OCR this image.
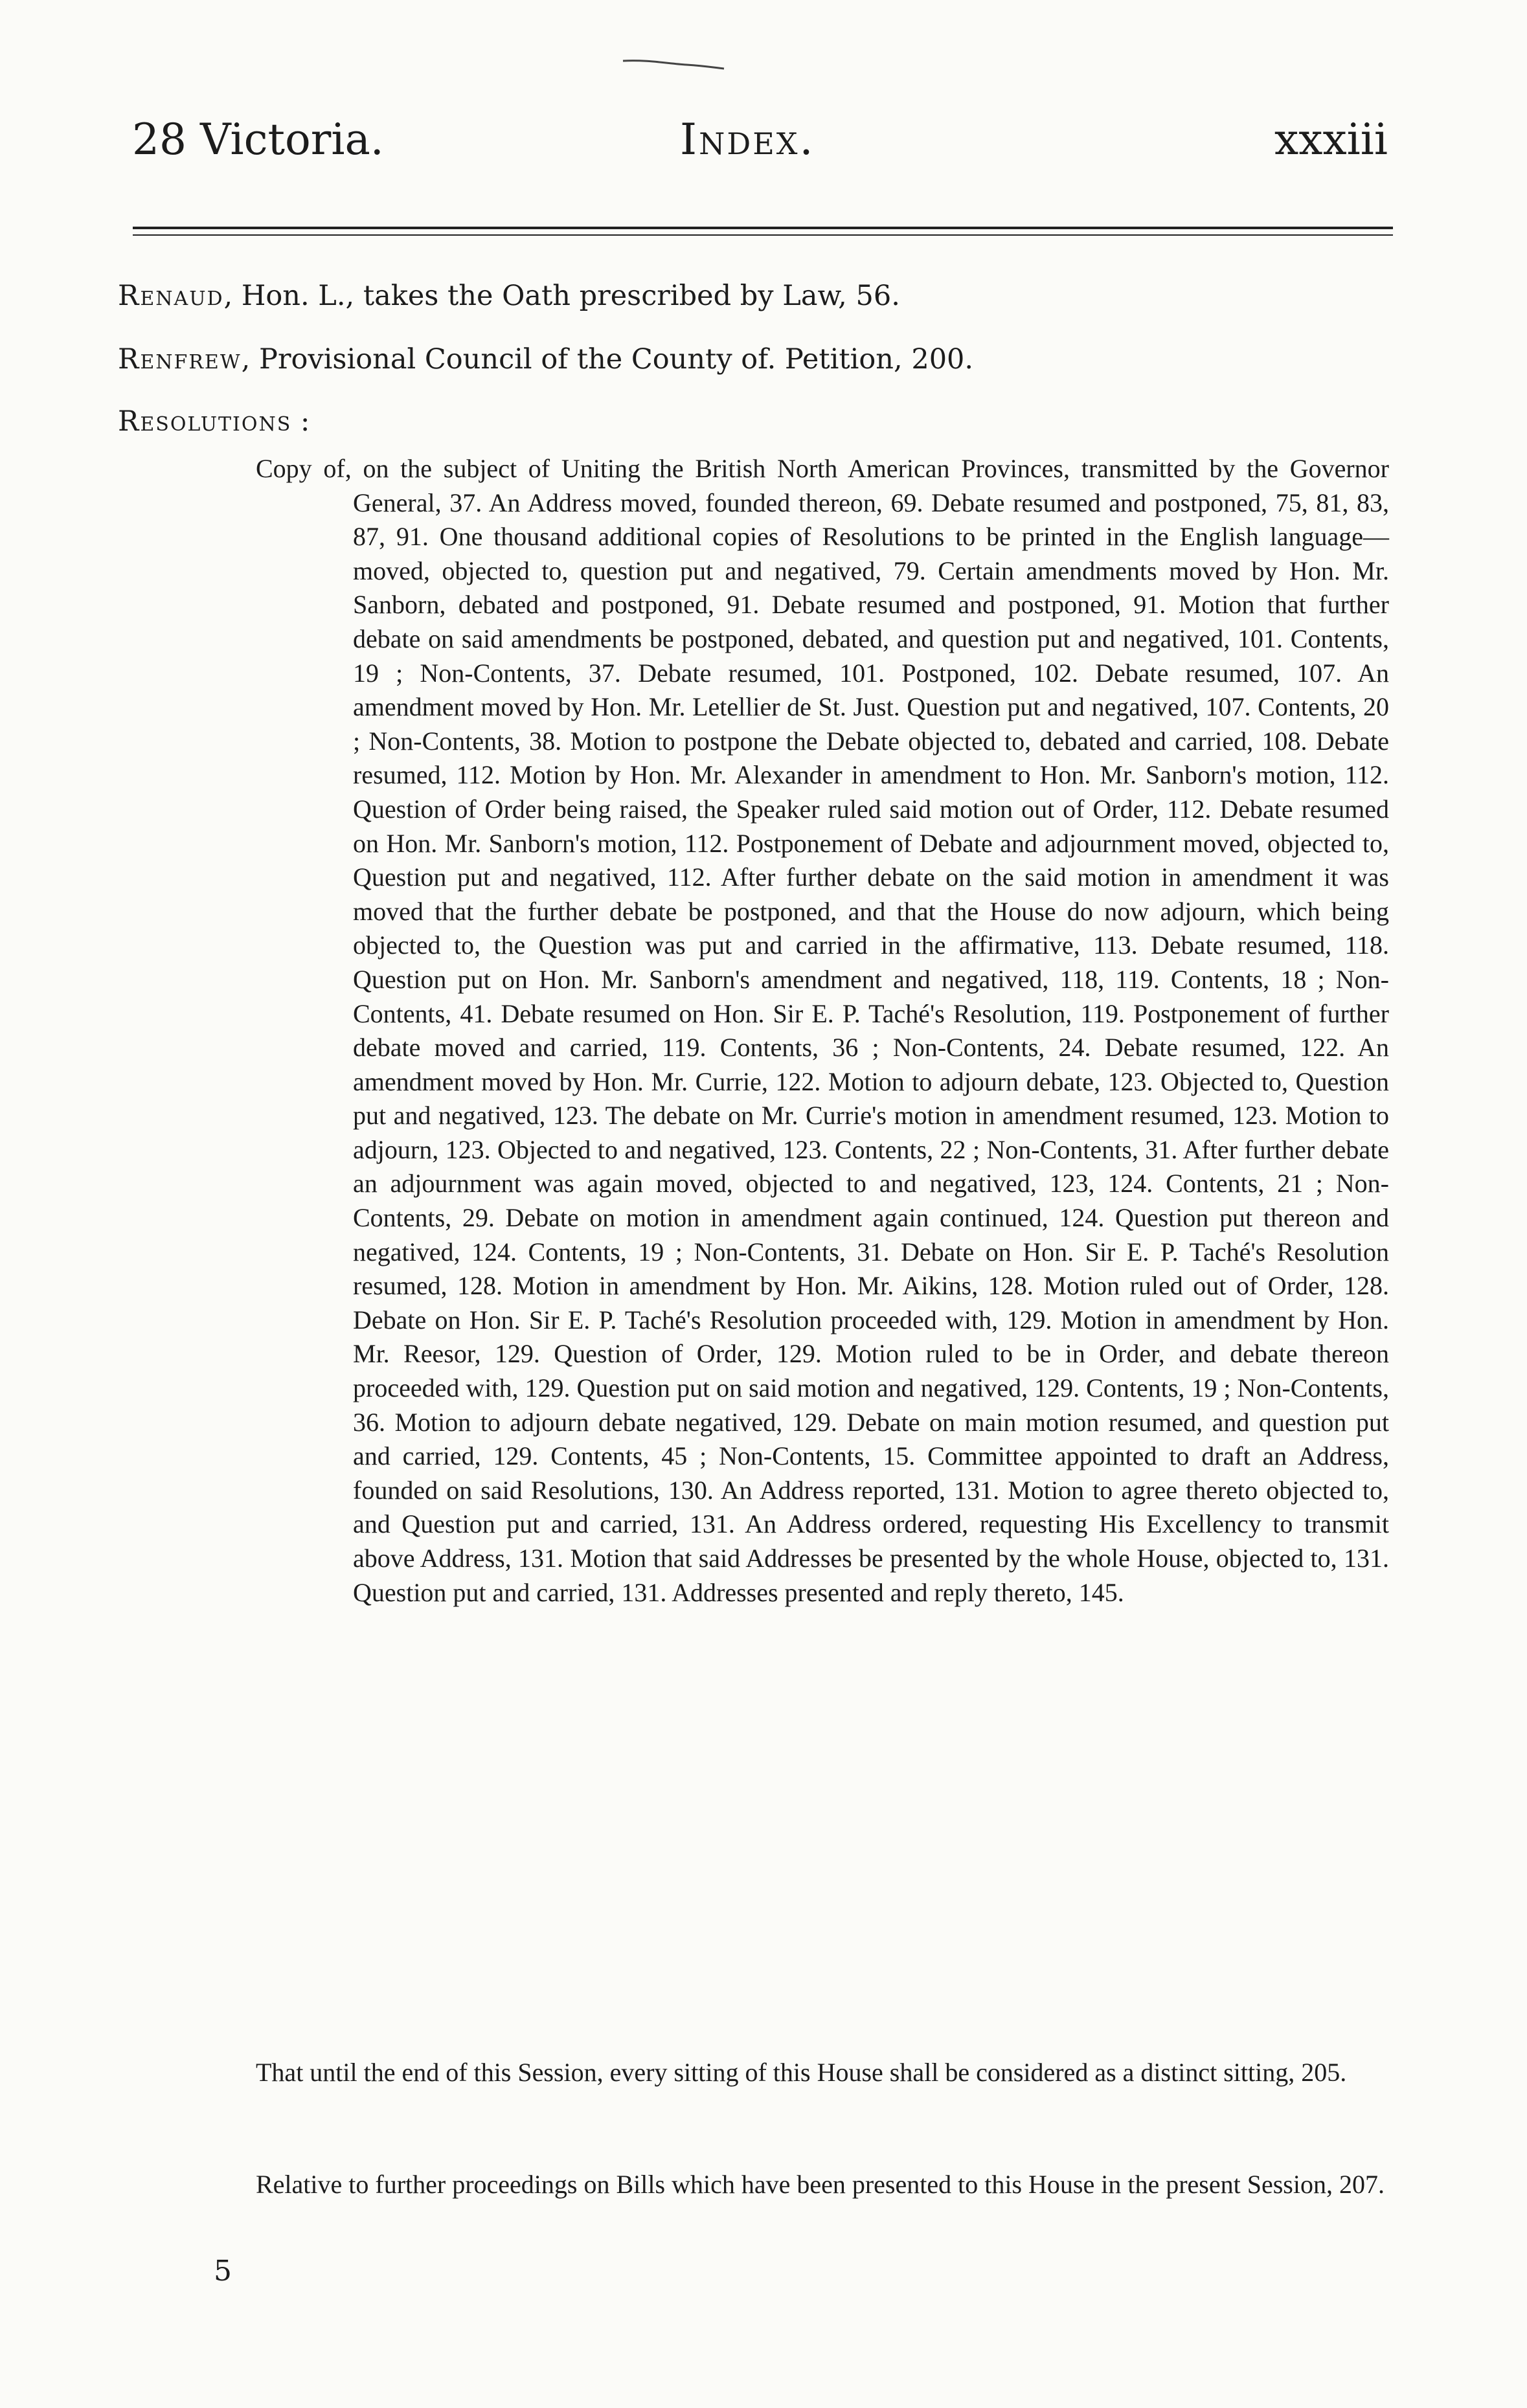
28 Victoria.	Index.	xxxiii
Renaud, Hon. L., takes the Oath prescribed by Law, 56.
Renfrew, Provisional Council of the County of. Petition, 200.
Resolutions :
Copy of, on the subject of Uniting the British North American Provinces, transmitted by the Governor General, 37. An Address moved, founded thereon, 69. Debate resumed and postponed, 75, 81, 83, 87, 91. One thousand additional copies of Resolutions to be printed in the English language—moved, objected to, question put and negatived, 79. Certain amendments moved by Hon. Mr. Sanborn, debated and postponed, 91. Debate resumed and postponed, 91. Motion that further debate on said amendments be postponed, debated, and question put and negatived, 101. Contents, 19 ; Non-Contents, 37. Debate resumed, 101. Postponed, 102. Debate resumed, 107. An amendment moved by Hon. Mr. Letellier de St. Just. Question put and negatived, 107. Contents, 20 ; Non-Contents, 38. Motion to postpone the Debate objected to, debated and carried, 108. Debate resumed, 112. Motion by Hon. Mr. Alexander in amendment to Hon. Mr. Sanborn's motion, 112. Question of Order being raised, the Speaker ruled said motion out of Order, 112. Debate resumed on Hon. Mr. Sanborn's motion, 112. Postponement of Debate and adjournment moved, objected to, Question put and negatived, 112. After further debate on the said motion in amendment it was moved that the further debate be postponed, and that the House do now adjourn, which being objected to, the Question was put and carried in the affirmative, 113. Debate resumed, 118. Question put on Hon. Mr. Sanborn's amendment and negatived, 118, 119. Contents, 18 ; Non-Contents, 41. Debate resumed on Hon. Sir E. P. Taché's Resolution, 119. Postponement of further debate moved and carried, 119. Contents, 36 ; Non-Contents, 24. Debate resumed, 122. An amendment moved by Hon. Mr. Currie, 122. Motion to adjourn debate, 123. Objected to, Question put and negatived, 123. The debate on Mr. Currie's motion in amendment resumed, 123. Motion to adjourn, 123. Objected to and negatived, 123. Contents, 22 ; Non-Contents, 31. After further debate an adjournment was again moved, objected to and negatived, 123, 124. Contents, 21 ; Non-Contents, 29. Debate on motion in amendment again continued, 124. Question put thereon and negatived, 124. Contents, 19 ; Non-Contents, 31. Debate on Hon. Sir E. P. Taché's Resolution resumed, 128. Motion in amendment by Hon. Mr. Aikins, 128. Motion ruled out of Order, 128. Debate on Hon. Sir E. P. Taché's Resolution proceeded with, 129. Motion in amendment by Hon. Mr. Reesor, 129. Question of Order, 129. Motion ruled to be in Order, and debate thereon proceeded with, 129. Question put on said motion and negatived, 129. Contents, 19 ; Non-Contents, 36. Motion to adjourn debate negatived, 129. Debate on main motion resumed, and question put and carried, 129. Contents, 45 ; Non-Contents, 15. Committee appointed to draft an Address, founded on said Resolutions, 130. An Address reported, 131. Motion to agree thereto objected to, and Question put and carried, 131. An Address ordered, requesting His Excellency to transmit above Address, 131. Motion that said Addresses be presented by the whole House, objected to, 131. Question put and carried, 131. Addresses presented and reply thereto, 145.
That until the end of this Session, every sitting of this House shall be considered as a distinct sitting, 205.
Relative to further proceedings on Bills which have been presented to this House in the present Session, 207.
5
